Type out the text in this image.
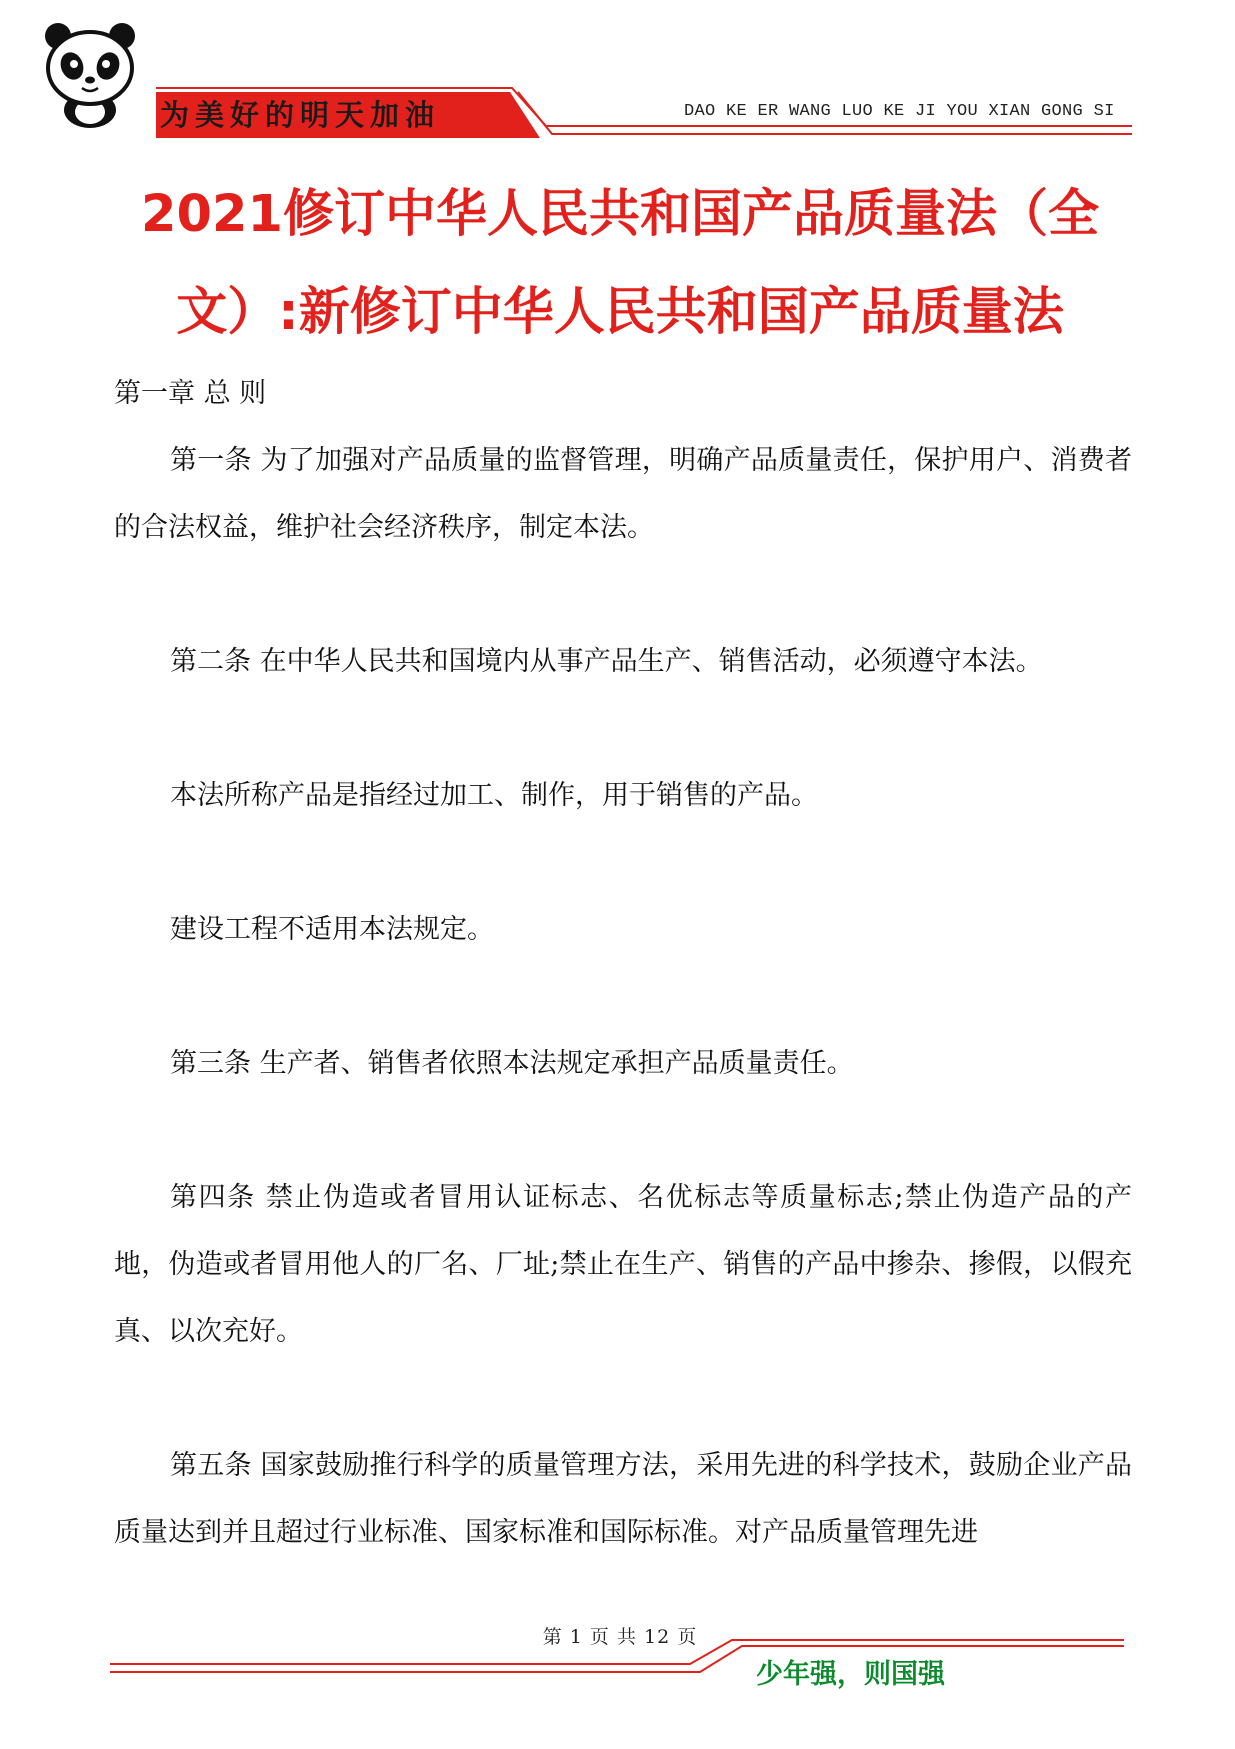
为美好的明天加油	DAO KE ER WANG LUO KE JI YOU XIAN GONG SI
2021修订中华人民共和国产品质量法（全
文）:新修订中华人民共和国产品质量法

第一章 总 则

第一条 为了加强对产品质量的监督管理，明确产品质量责任，保护用户、消费者的合法权益，维护社会经济秩序，制定本法。

第二条 在中华人民共和国境内从事产品生产、销售活动，必须遵守本法。

本法所称产品是指经过加工、制作，用于销售的产品。

建设工程不适用本法规定。

第三条 生产者、销售者依照本法规定承担产品质量责任。

第四条 禁止伪造或者冒用认证标志、名优标志等质量标志;禁止伪造产品的产地，伪造或者冒用他人的厂名、厂址;禁止在生产、销售的产品中掺杂、掺假，以假充真、以次充好。

第五条 国家鼓励推行科学的质量管理方法，采用先进的科学技术，鼓励企业产品质量达到并且超过行业标准、国家标准和国际标准。对产品质量管理先进

第 1 页 共 12 页
少年强，则国强
